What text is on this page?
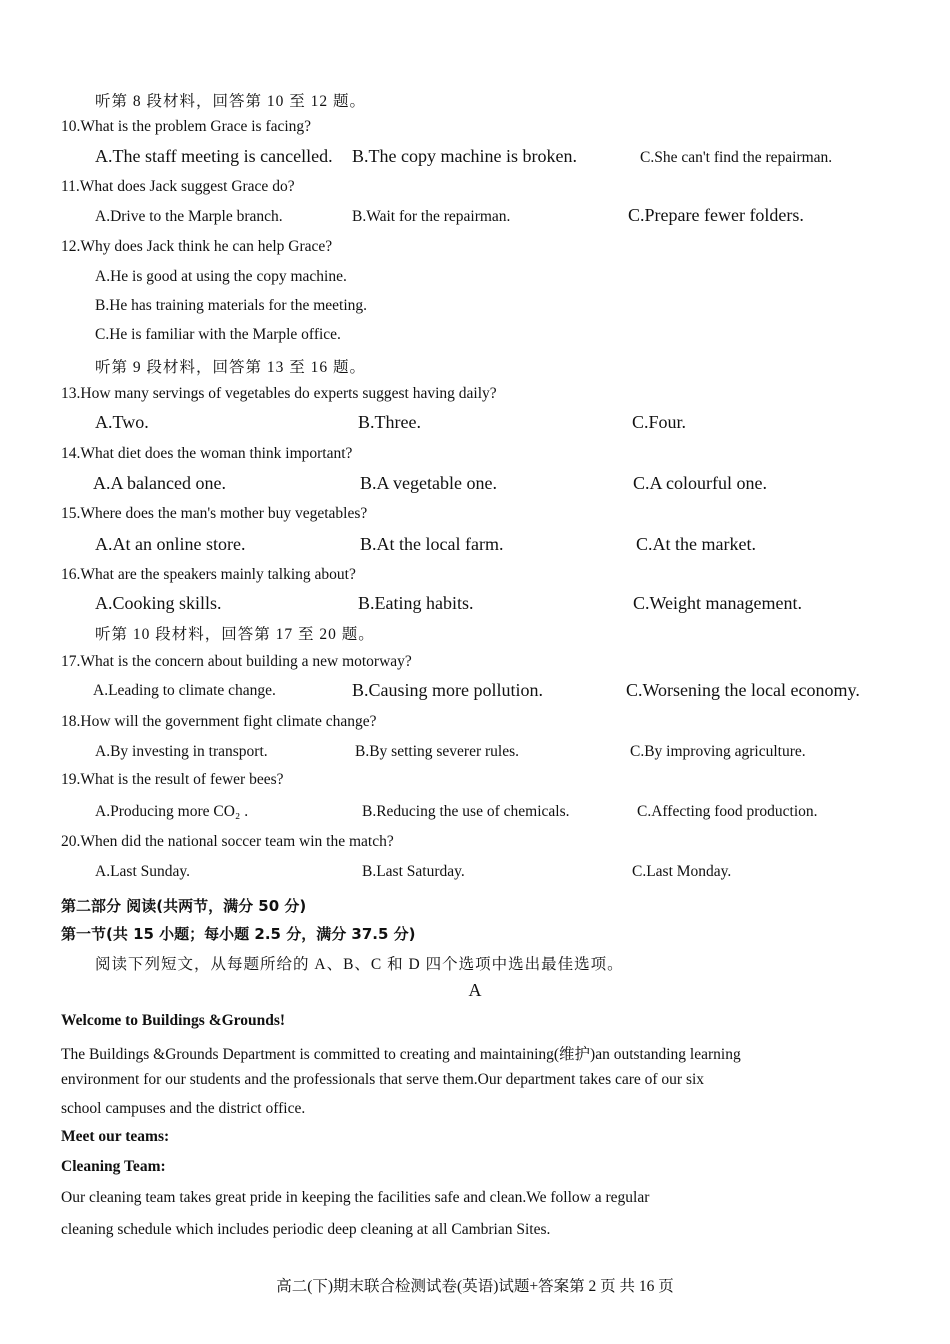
听第 8 段材料，回答第 10 至 12 题。
10.What is the problem Grace is facing?
A.The staff meeting is cancelled. B.The copy machine is broken.	C.She can't find the repairman.
11.What does Jack suggest Grace do?
A.Drive to the Marple branch.	B.Wait for the repairman.	C.Prepare fewer folders.
12.Why does Jack think he can help Grace?
A.He is good at using the copy machine.
B.He has training materials for the meeting.
C.He is familiar with the Marple office.
听第 9 段材料，回答第 13 至 16 题。
13.How many servings of vegetables do experts suggest having daily?
A.Two.	B.Three.	C.Four.
14.What diet does the woman think important?
A.A balanced one.	B.A vegetable one.	C.A colourful one.
15.Where does the man's mother buy vegetables?
A.At an online store.	B.At the local farm.	C.At the market.
16.What are the speakers mainly talking about?
A.Cooking skills.	B.Eating habits.	C.Weight management.
听第 10 段材料，回答第 17 至 20 题。
17.What is the concern about building a new motorway?
A.Leading to climate change.	B.Causing more pollution.	C.Worsening the local economy.
18.How will the government fight climate change?
A.By investing in transport.	B.By setting severer rules.	C.By improving agriculture.
19.What is the result of fewer bees?
A.Producing more CO₂ .	B.Reducing the use of chemicals.	C.Affecting food production.
20.When did the national soccer team win the match?
A.Last Sunday.	B.Last Saturday.	C.Last Monday.
第二部分 阅读(共两节，满分 50 分)
第一节(共 15 小题；每小题 2.5 分，满分 37.5 分)
阅读下列短文，从每题所给的 A、B、C 和 D 四个选项中选出最佳选项。
A
Welcome to Buildings &Grounds!
The Buildings &Grounds Department is committed to creating and maintaining(维护)an outstanding learning
environment for our students and the professionals that serve them.Our department takes care of our six
school campuses and the district office.
Meet our teams:
Cleaning Team:
Our cleaning team takes great pride in keeping the facilities safe and clean.We follow a regular
cleaning schedule which includes periodic deep cleaning at all Cambrian Sites.
高二(下)期末联合检测试卷(英语)试题+答案第 2 页 共 16 页
